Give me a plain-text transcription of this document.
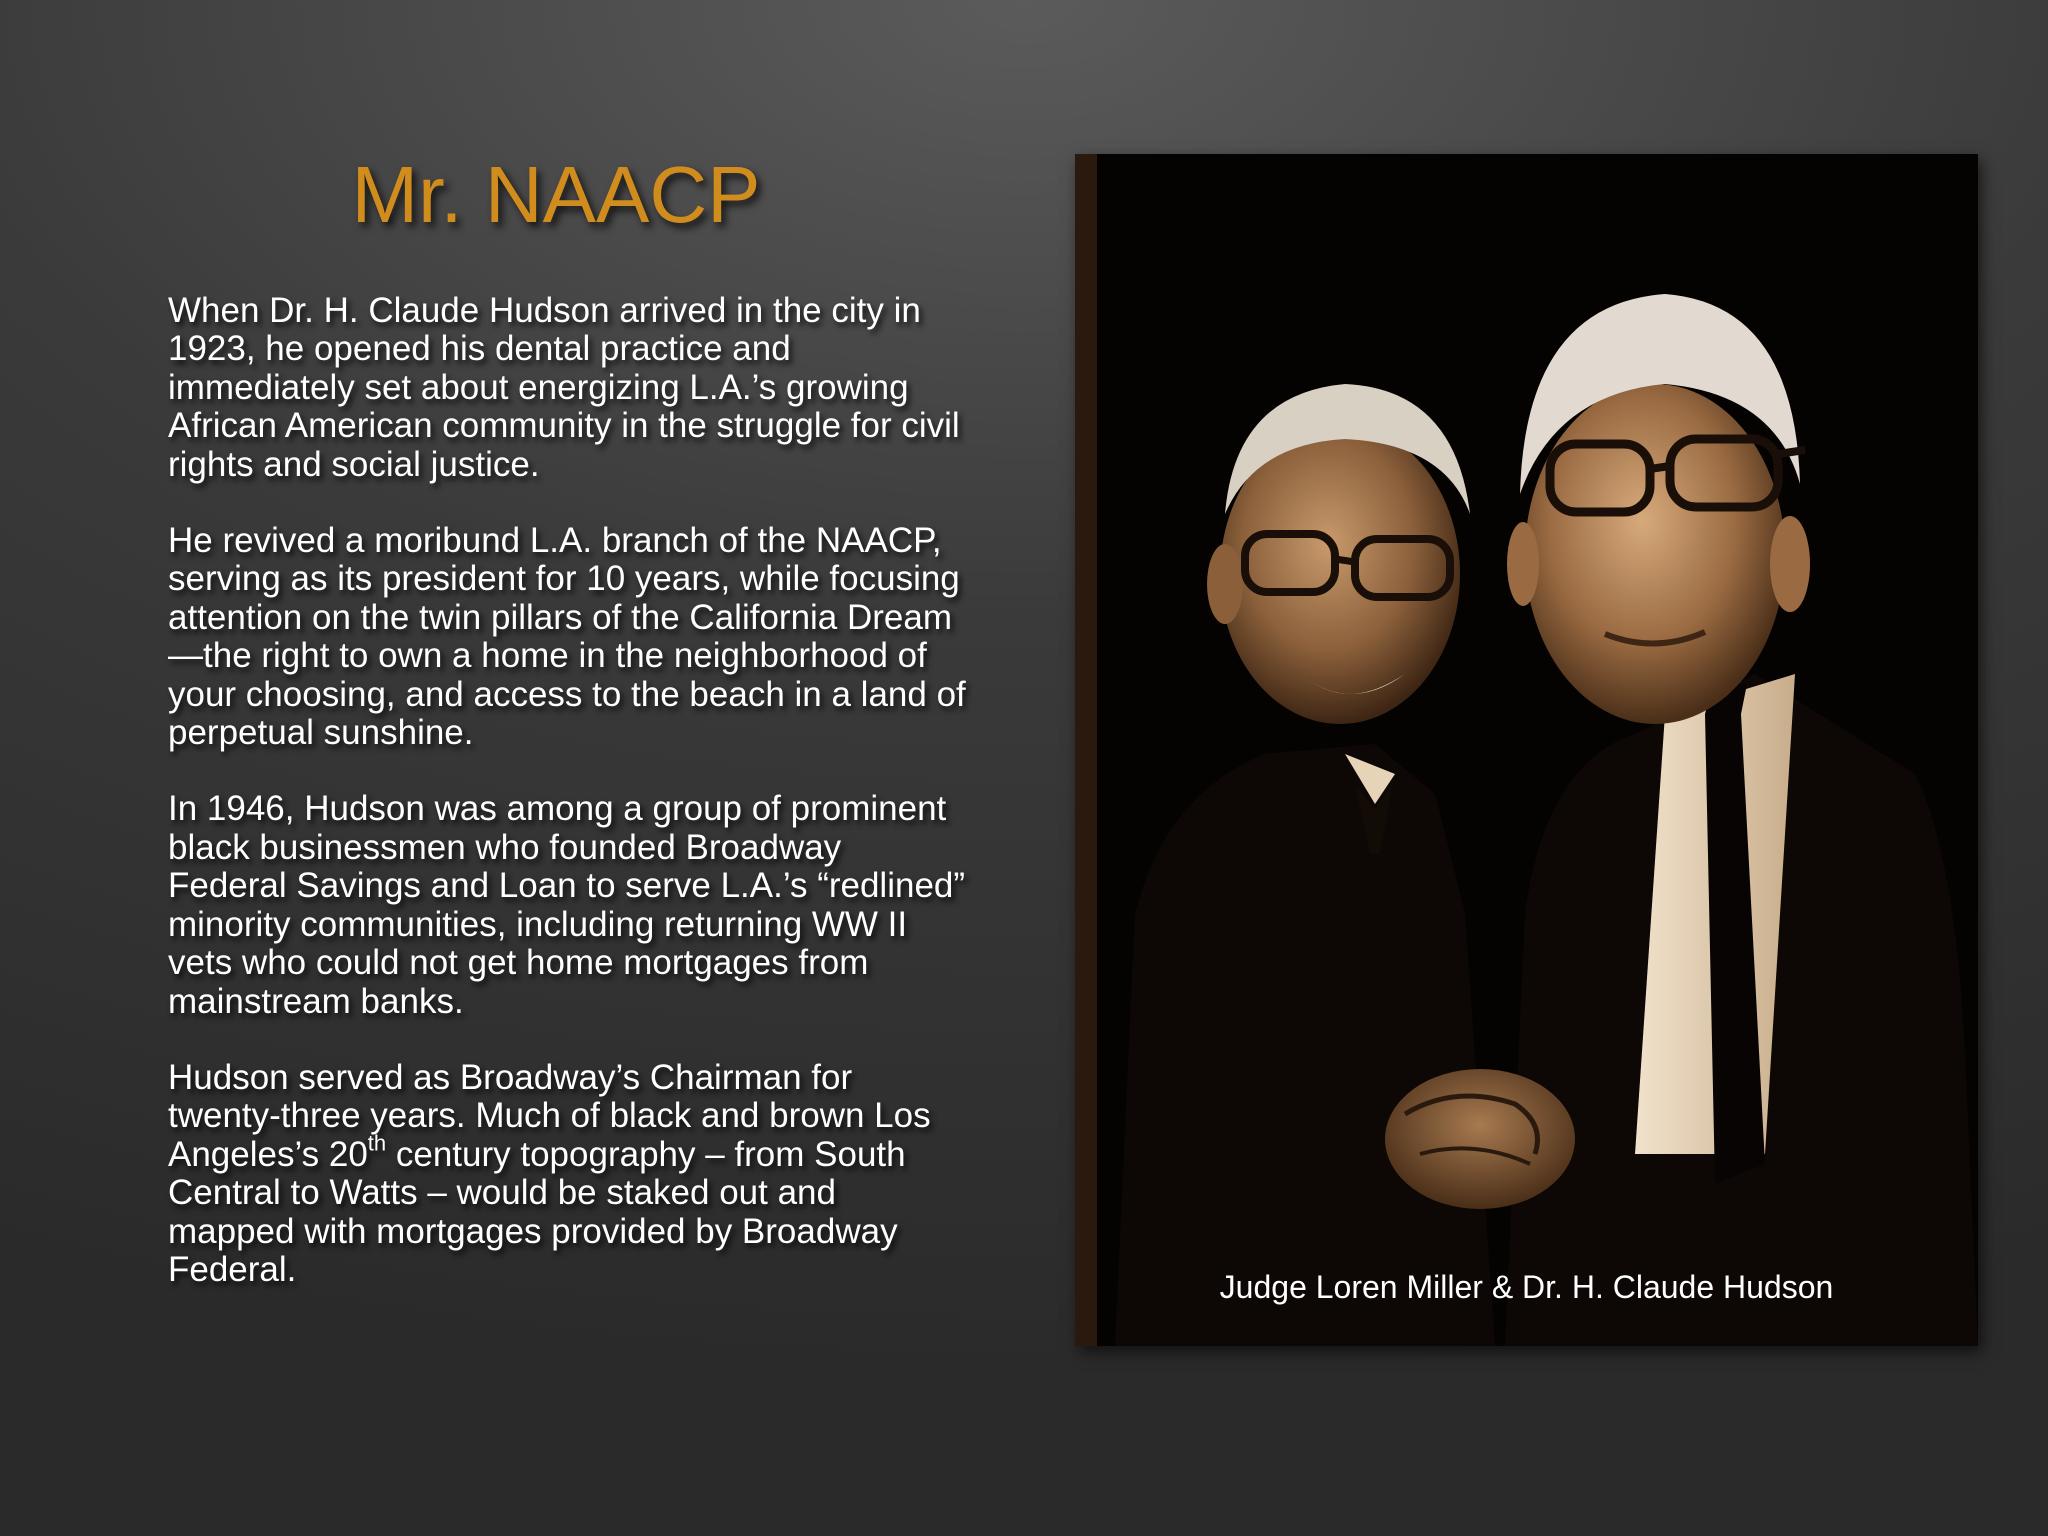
Mr. NAACP

When Dr. H. Claude Hudson arrived in the city in 1923, he opened his dental practice and immediately set about energizing L.A.’s growing African American community in the struggle for civil rights and social justice.

He revived a moribund L.A. branch of the NAACP, serving as its president for 10 years, while focusing attention on the twin pillars of the California Dream—the right to own a home in the neighborhood of your choosing, and access to the beach in a land of perpetual sunshine.

In 1946, Hudson was among a group of prominent black businessmen who founded Broadway Federal Savings and Loan to serve L.A.’s “redlined” minority communities, including returning WW II vets who could not get home mortgages from mainstream banks.

Hudson served as Broadway’s Chairman for twenty-three years. Much of black and brown Los Angeles’s 20th century topography – from South Central to Watts – would be staked out and mapped with mortgages provided by Broadway Federal.	Judge Loren Miller & Dr. H. Claude Hudson
